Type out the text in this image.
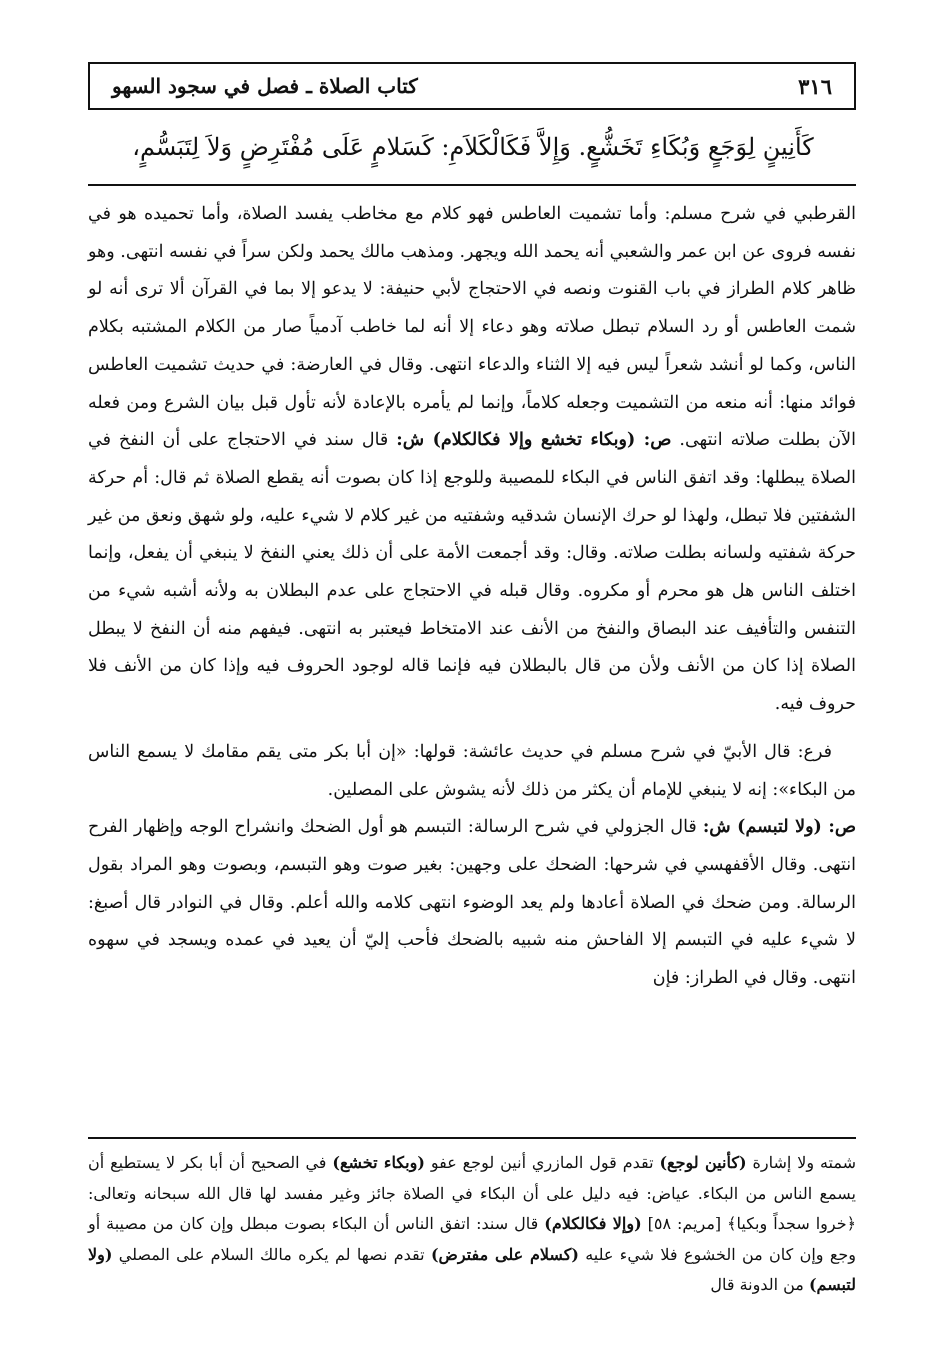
٣١٦
كتاب الصلاة ـ فصل في سجود السهو
كَأَنِينٍ لِوَجَعٍ وَبُكَاءِ تَخَشُّعٍ. وَإِلاَّ فَكَالْكَلاَمِ: كَسَلامٍ عَلَى مُفْتَرِضٍ وَلاَ لِتَبَسُّمٍ،

القرطبي في شرح مسلم: وأما تشميت العاطس فهو كلام مع مخاطب يفسد الصلاة، وأما تحميده هو في نفسه فروى عن ابن عمر والشعبي أنه يحمد الله ويجهر. ومذهب مالك يحمد ولكن سراً في نفسه انتهى. وهو ظاهر كلام الطراز في باب القنوت ونصه في الاحتجاج لأبي حنيفة: لا يدعو إلا بما في القرآن ألا ترى أنه لو شمت العاطس أو رد السلام تبطل صلاته وهو دعاء إلا أنه لما خاطب آدمياً صار من الكلام المشتبه بكلام الناس، وكما لو أنشد شعراً ليس فيه إلا الثناء والدعاء انتهى. وقال في العارضة: في حديث تشميت العاطس فوائد منها: أنه منعه من التشميت وجعله كلاماً، وإنما لم يأمره بالإعادة لأنه تأول قبل بيان الشرع ومن فعله الآن بطلت صلاته انتهى. ص: (وبكاء تخشع وإلا فكالكلام) ش: قال سند في الاحتجاج على أن النفخ في الصلاة يبطلها: وقد اتفق الناس في البكاء للمصيبة وللوجع إذا كان بصوت أنه يقطع الصلاة ثم قال: أم حركة الشفتين فلا تبطل، ولهذا لو حرك الإنسان شدقيه وشفتيه من غير كلام لا شيء عليه، ولو شهق ونعق من غير حركة شفتيه ولسانه بطلت صلاته. وقال: وقد أجمعت الأمة على أن ذلك يعني النفخ لا ينبغي أن يفعل، وإنما اختلف الناس هل هو محرم أو مكروه. وقال قبله في الاحتجاج على عدم البطلان به ولأنه أشبه شيء من التنفس والتأفيف عند البصاق والنفخ من الأنف عند الامتخاط فيعتبر به انتهى. فيفهم منه أن النفخ لا يبطل الصلاة إذا كان من الأنف ولأن من قال بالبطلان فيه فإنما قاله لوجود الحروف فيه وإذا كان من الأنف فلا حروف فيه.

فرع: قال الأبيّ في شرح مسلم في حديث عائشة: قولها: «إن أبا بكر متى يقم مقامك لا يسمع الناس من البكاء»: إنه لا ينبغي للإمام أن يكثر من ذلك لأنه يشوش على المصلين.

ص: (ولا لتبسم) ش: قال الجزولي في شرح الرسالة: التبسم هو أول الضحك وانشراح الوجه وإظهار الفرح انتهى. وقال الأقفهسي في شرحها: الضحك على وجهين: بغير صوت وهو التبسم، وبصوت وهو المراد بقول الرسالة. ومن ضحك في الصلاة أعادها ولم يعد الوضوء انتهى كلامه والله أعلم. وقال في النوادر قال أصبغ: لا شيء عليه في التبسم إلا الفاحش منه شبيه بالضحك فأحب إليّ أن يعيد في عمده ويسجد في سهوه انتهى. وقال في الطراز: فإن

شمته ولا إشارة (كأنين لوجع) تقدم قول المازري أنين لوجع عفو (وبكاء تخشع) في الصحيح أن أبا بكر لا يستطيع أن يسمع الناس من البكاء. عياض: فيه دليل على أن البكاء في الصلاة جائز وغير مفسد لها قال الله سبحانه وتعالى: ﴿خروا سجداً وبكيا﴾ [مريم: ٥٨] (وإلا فكالكلام) قال سند: اتفق الناس أن البكاء بصوت مبطل وإن كان من مصيبة أو وجع وإن كان من الخشوع فلا شيء عليه (كسلام على مفترض) تقدم نصها لم يكره مالك السلام على المصلي (ولا لتبسم) من الدونة قال
